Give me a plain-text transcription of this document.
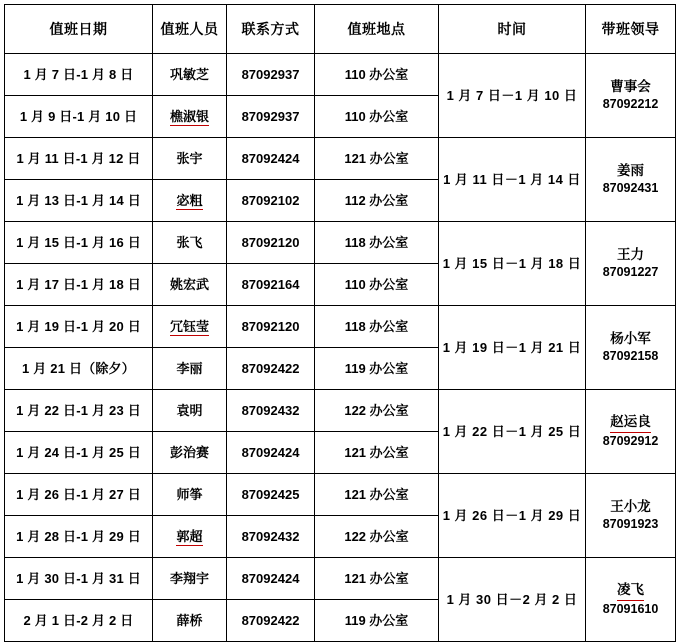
值班日期	值班人员	联系方式	值班地点	时间	带班领导
1 月 7 日-1 月 8 日	巩敏芝	87092937	110 办公室	1 月 7 日－1 月 10 日	曹事会
87092212

1 月 9 日-1 月 10 日	樵淑银	87092937	110 办公室		
1 月 11 日-1 月 12 日	张宇	87092424	121 办公室	1 月 11 日－1 月 14 日	姜雨
87092431

1 月 13 日-1 月 14 日	宓粗	87092102	112 办公室		
1 月 15 日-1 月 16 日	张飞	87092120	118 办公室	1 月 15 日－1 月 18 日	王力
87091227

1 月 17 日-1 月 18 日	姚宏武	87092164	110 办公室		
1 月 19 日-1 月 20 日	冗钰莹	87092120	118 办公室	1 月 19 日－1 月 21 日	杨小军
87092158

1 月 21 日（除夕）	李丽	87092422	119 办公室		
1 月 22 日-1 月 23 日	袁明	87092432	122 办公室	1 月 22 日－1 月 25 日	赵运良
87092912

1 月 24 日-1 月 25 日	彭治赛	87092424	121 办公室		
1 月 26 日-1 月 27 日	师筝	87092425	121 办公室	1 月 26 日－1 月 29 日	王小龙
87091923

1 月 28 日-1 月 29 日	郭超	87092432	122 办公室		
1 月 30 日-1 月 31 日	李翔宇	87092424	121 办公室	1 月 30 日－2 月 2 日	凌飞
87091610

2 月 1 日-2 月 2 日	薛桥	87092422	119 办公室		
